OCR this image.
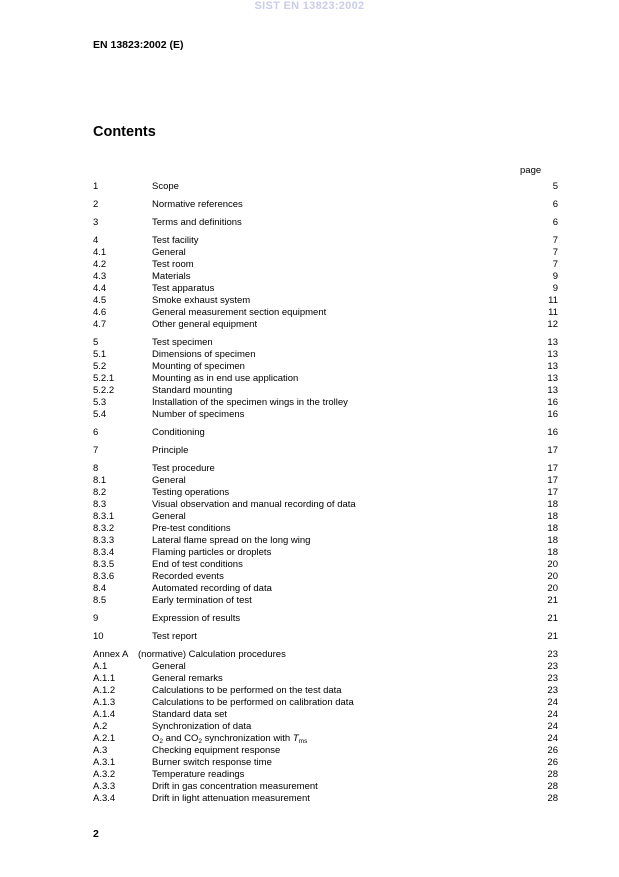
SIST EN 13823:2002
EN 13823:2002 (E)
Contents
page
1	Scope	5
2	Normative references	6
3	Terms and definitions	6
4	Test facility	7
4.1	General	7
4.2	Test room	7
4.3	Materials	9
4.4	Test apparatus	9
4.5	Smoke exhaust system	11
4.6	General measurement section equipment	11
4.7	Other general equipment	12
5	Test specimen	13
5.1	Dimensions of specimen	13
5.2	Mounting of specimen	13
5.2.1	Mounting as in end use application	13
5.2.2	Standard mounting	13
5.3	Installation of the specimen wings in the trolley	16
5.4	Number of specimens	16
6	Conditioning	16
7	Principle	17
8	Test procedure	17
8.1	General	17
8.2	Testing operations	17
8.3	Visual observation and manual recording of data	18
8.3.1	General	18
8.3.2	Pre-test conditions	18
8.3.3	Lateral flame spread on the long wing	18
8.3.4	Flaming particles or droplets	18
8.3.5	End of test conditions	20
8.3.6	Recorded events	20
8.4	Automated recording of data	20
8.5	Early termination of test	21
9	Expression of results	21
10	Test report	21
Annex A (normative) Calculation procedures	23
A.1	General	23
A.1.1	General remarks	23
A.1.2	Calculations to be performed on the test data	23
A.1.3	Calculations to be performed on calibration data	24
A.1.4	Standard data set	24
A.2	Synchronization of data	24
A.2.1	$O_2$ and $CO_2$ synchronization with $T_{ms}$	24
A.3	Checking equipment response	26
A.3.1	Burner switch response time	26
A.3.2	Temperature readings	28
A.3.3	Drift in gas concentration measurement	28
A.3.4	Drift in light attenuation measurement	28
2
